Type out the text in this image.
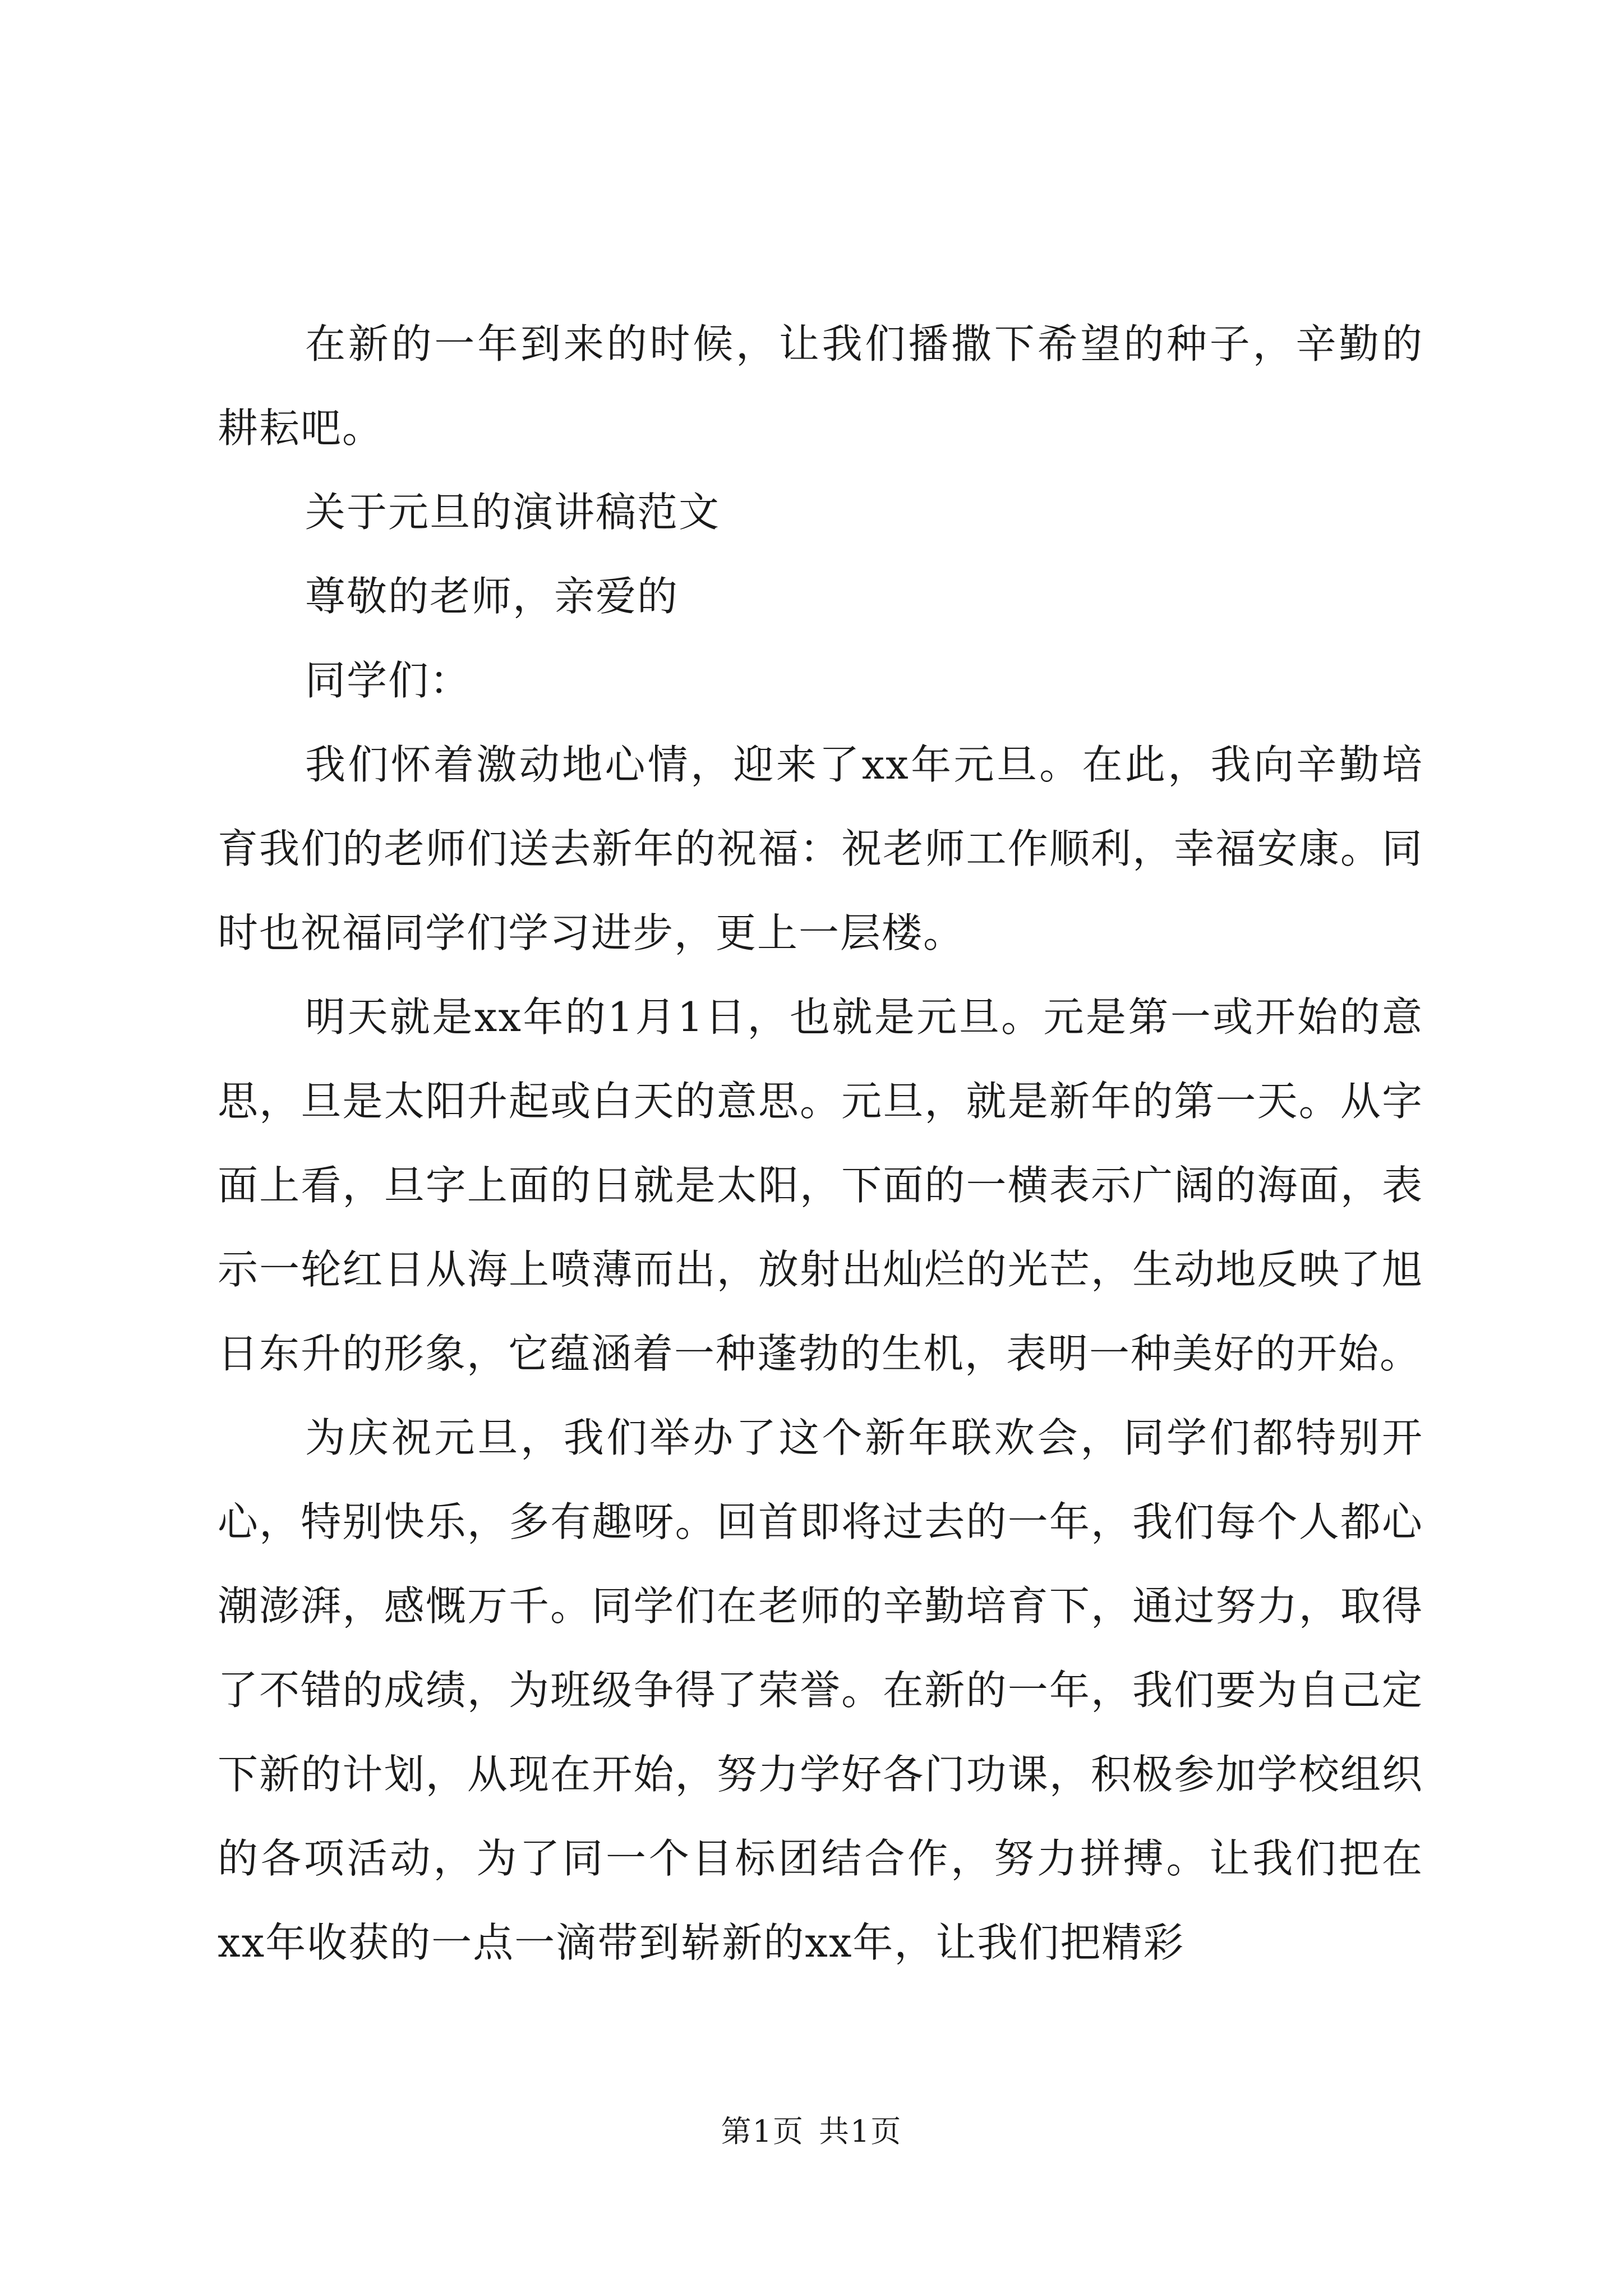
在新的一年到来的时候，让我们播撒下希望的种子，辛勤的耕耘吧。

关于元旦的演讲稿范文

尊敬的老师，亲爱的

同学们：

我们怀着激动地心情，迎来了xx年元旦。在此，我向辛勤培育我们的老师们送去新年的祝福：祝老师工作顺利，幸福安康。同时也祝福同学们学习进步，更上一层楼。

明天就是xx年的1月1日，也就是元旦。元是第一或开始的意思，旦是太阳升起或白天的意思。元旦，就是新年的第一天。从字面上看，旦字上面的日就是太阳，下面的一横表示广阔的海面，表示一轮红日从海上喷薄而出，放射出灿烂的光芒，生动地反映了旭日东升的形象，它蕴涵着一种蓬勃的生机，表明一种美好的开始。

为庆祝元旦，我们举办了这个新年联欢会，同学们都特别开心，特别快乐，多有趣呀。回首即将过去的一年，我们每个人都心潮澎湃，感慨万千。同学们在老师的辛勤培育下，通过努力，取得了不错的成绩，为班级争得了荣誉。在新的一年，我们要为自己定下新的计划，从现在开始，努力学好各门功课，积极参加学校组织的各项活动，为了同一个目标团结合作，努力拼搏。让我们把在xx年收获的一点一滴带到崭新的xx年，让我们把精彩

第1页 共1页
